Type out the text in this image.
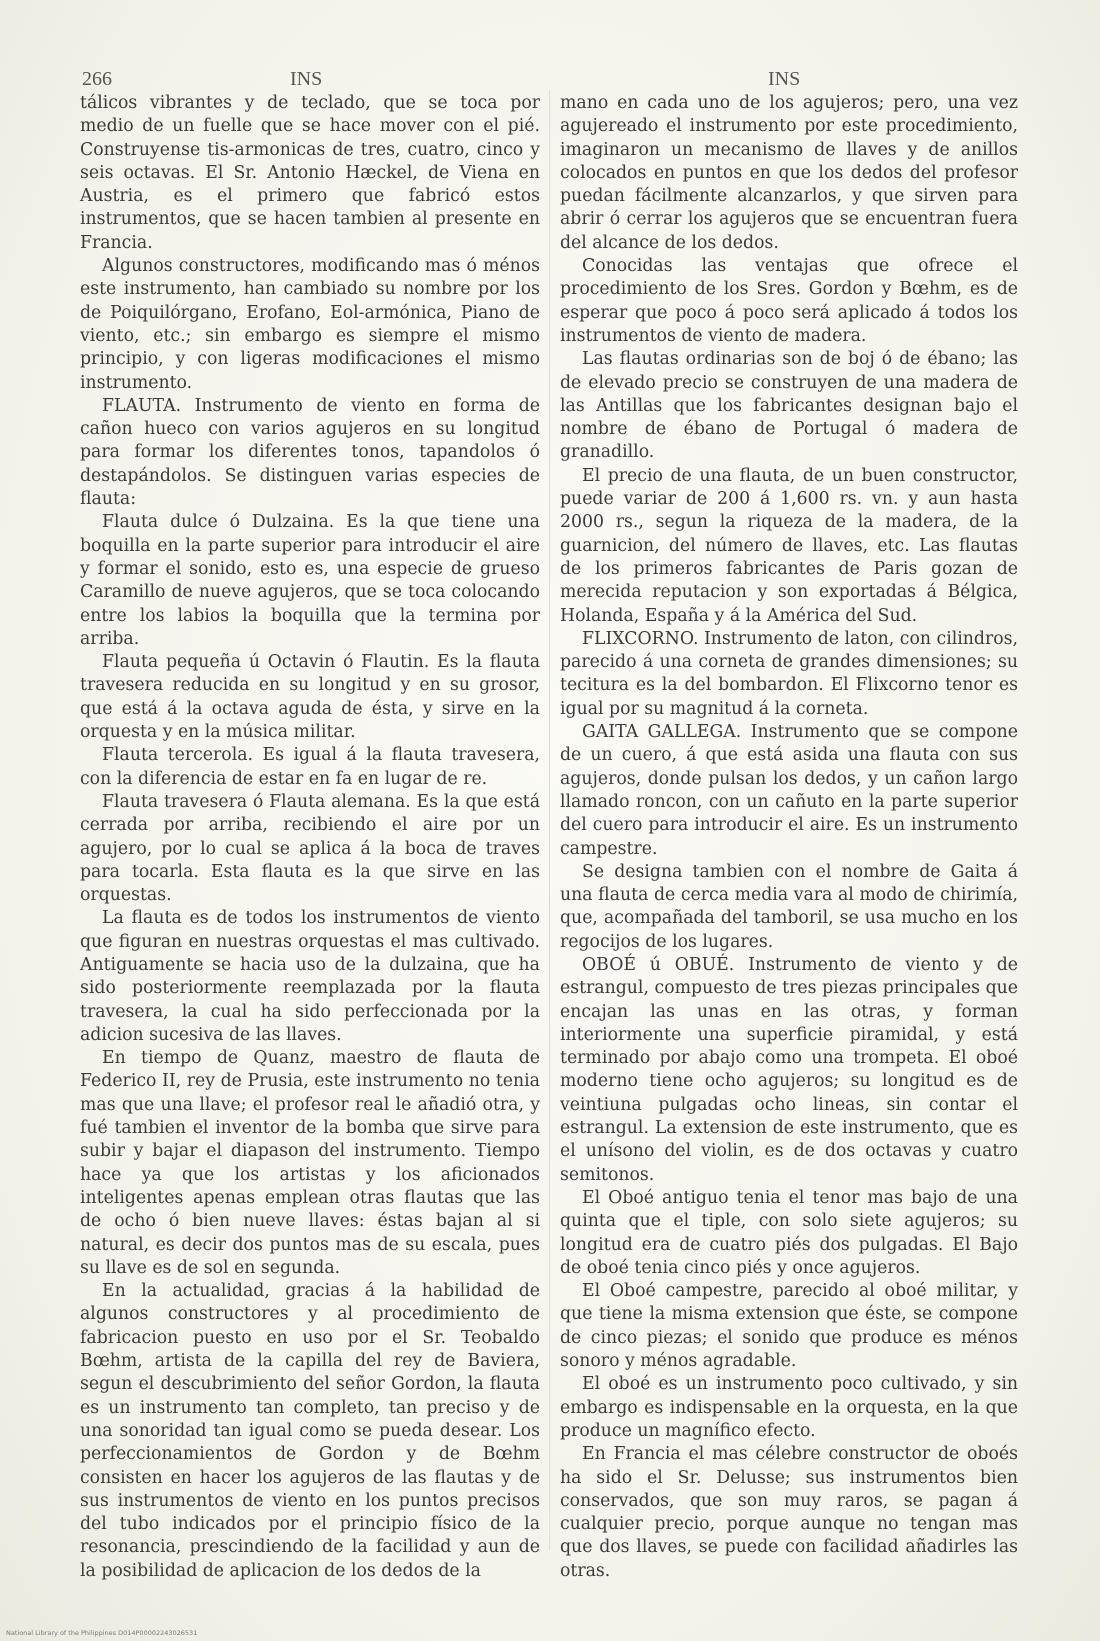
266	INS	INS

tálicos vibrantes y de teclado, que se toca por medio de un fuelle que se hace mover con el pié. Construyense tis-armonicas de tres, cuatro, cinco y seis octavas. El Sr. Antonio Hæckel, de Viena en Austria, es el primero que fabricó estos instrumentos, que se hacen tambien al presente en Francia.

Algunos constructores, modificando mas ó ménos este instrumento, han cambiado su nombre por los de Poiquilórgano, Erofano, Eol-armónica, Piano de viento, etc.; sin embargo es siempre el mismo principio, y con ligeras modificaciones el mismo instrumento.

FLAUTA. Instrumento de viento en forma de cañon hueco con varios agujeros en su longitud para formar los diferentes tonos, tapandolos ó destapándolos. Se distinguen varias especies de flauta:

Flauta dulce ó Dulzaina. Es la que tiene una boquilla en la parte superior para introducir el aire y formar el sonido, esto es, una especie de grueso Caramillo de nueve agujeros, que se toca colocando entre los labios la boquilla que la termina por arriba.

Flauta pequeña ú Octavin ó Flautin. Es la flauta travesera reducida en su longitud y en su grosor, que está á la octava aguda de ésta, y sirve en la orquesta y en la música militar.

Flauta tercerola. Es igual á la flauta travesera, con la diferencia de estar en fa en lugar de re.

Flauta travesera ó Flauta alemana. Es la que está cerrada por arriba, recibiendo el aire por un agujero, por lo cual se aplica á la boca de traves para tocarla. Esta flauta es la que sirve en las orquestas.

La flauta es de todos los instrumentos de viento que figuran en nuestras orquestas el mas cultivado. Antiguamente se hacia uso de la dulzaina, que ha sido posteriormente reemplazada por la flauta travesera, la cual ha sido perfeccionada por la adicion sucesiva de las llaves.

En tiempo de Quanz, maestro de flauta de Federico II, rey de Prusia, este instrumento no tenia mas que una llave; el profesor real le añadió otra, y fué tambien el inventor de la bomba que sirve para subir y bajar el diapason del instrumento. Tiempo hace ya que los artistas y los aficionados inteligentes apenas emplean otras flautas que las de ocho ó bien nueve llaves: éstas bajan al si natural, es decir dos puntos mas de su escala, pues su llave es de sol en segunda.

En la actualidad, gracias á la habilidad de algunos constructores y al procedimiento de fabricacion puesto en uso por el Sr. Teobaldo Bœhm, artista de la capilla del rey de Baviera, segun el descubrimiento del señor Gordon, la flauta es un instrumento tan completo, tan preciso y de una sonoridad tan igual como se pueda desear. Los perfeccionamientos de Gordon y de Bœhm consisten en hacer los agujeros de las flautas y de sus instrumentos de viento en los puntos precisos del tubo indicados por el principio físico de la resonancia, prescindiendo de la facilidad y aun de la posibilidad de aplicacion de los dedos de la

mano en cada uno de los agujeros; pero, una vez agujereado el instrumento por este procedimiento, imaginaron un mecanismo de llaves y de anillos colocados en puntos en que los dedos del profesor puedan fácilmente alcanzarlos, y que sirven para abrir ó cerrar los agujeros que se encuentran fuera del alcance de los dedos.

Conocidas las ventajas que ofrece el procedimiento de los Sres. Gordon y Bœhm, es de esperar que poco á poco será aplicado á todos los instrumentos de viento de madera.

Las flautas ordinarias son de boj ó de ébano; las de elevado precio se construyen de una madera de las Antillas que los fabricantes designan bajo el nombre de ébano de Portugal ó madera de granadillo.

El precio de una flauta, de un buen constructor, puede variar de 200 á 1,600 rs. vn. y aun hasta 2000 rs., segun la riqueza de la madera, de la guarnicion, del número de llaves, etc. Las flautas de los primeros fabricantes de Paris gozan de merecida reputacion y son exportadas á Bélgica, Holanda, España y á la América del Sud.

FLIXCORNO. Instrumento de laton, con cilindros, parecido á una corneta de grandes dimensiones; su tecitura es la del bombardon. El Flixcorno tenor es igual por su magnitud á la corneta.

GAITA GALLEGA. Instrumento que se compone de un cuero, á que está asida una flauta con sus agujeros, donde pulsan los dedos, y un cañon largo llamado roncon, con un cañuto en la parte superior del cuero para introducir el aire. Es un instrumento campestre.

Se designa tambien con el nombre de Gaita á una flauta de cerca media vara al modo de chirimía, que, acompañada del tamboril, se usa mucho en los regocijos de los lugares.

OBOÉ ú OBUÉ. Instrumento de viento y de estrangul, compuesto de tres piezas principales que encajan las unas en las otras, y forman interiormente una superficie piramidal, y está terminado por abajo como una trompeta. El oboé moderno tiene ocho agujeros; su longitud es de veintiuna pulgadas ocho lineas, sin contar el estrangul. La extension de este instrumento, que es el unísono del violin, es de dos octavas y cuatro semitonos.

El Oboé antiguo tenia el tenor mas bajo de una quinta que el tiple, con solo siete agujeros; su longitud era de cuatro piés dos pulgadas. El Bajo de oboé tenia cinco piés y once agujeros.

El Oboé campestre, parecido al oboé militar, y que tiene la misma extension que éste, se compone de cinco piezas; el sonido que produce es ménos sonoro y ménos agradable.

El oboé es un instrumento poco cultivado, y sin embargo es indispensable en la orquesta, en la que produce un magnífico efecto.

En Francia el mas célebre constructor de oboés ha sido el Sr. Delusse; sus instrumentos bien conservados, que son muy raros, se pagan á cualquier precio, porque aunque no tengan mas que dos llaves, se puede con facilidad añadirles las otras.

National Library of the Philippines D014P00002243026531
